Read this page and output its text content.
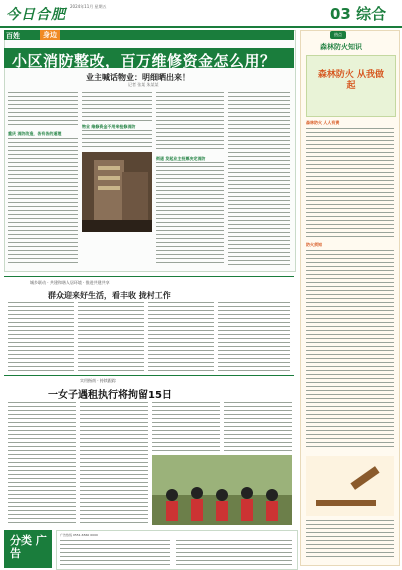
今日合肥
2024年11月 星期五	03 综合
百姓	身边
小区消防整改，百万维修资金怎么用？
业主喊话物业：明细晒出来！
记者 张某 朱某某
重庆 消防改造，各有各的道理
物业 维修资金不用来检修消防
街道 发起业主投票决定消防
城乡联动 · 共建和谐人居环境 · 推进共建共享
群众迎来好生活，看丰收 拢村工作
实用指南 · 持续跟踪
一女子遇租执行将拘留15日
分类 广告
广告热线 0551-6560 0000
热点
森林防火知识
森林防火 从我做起
森林防火 人人有责
防火须知
